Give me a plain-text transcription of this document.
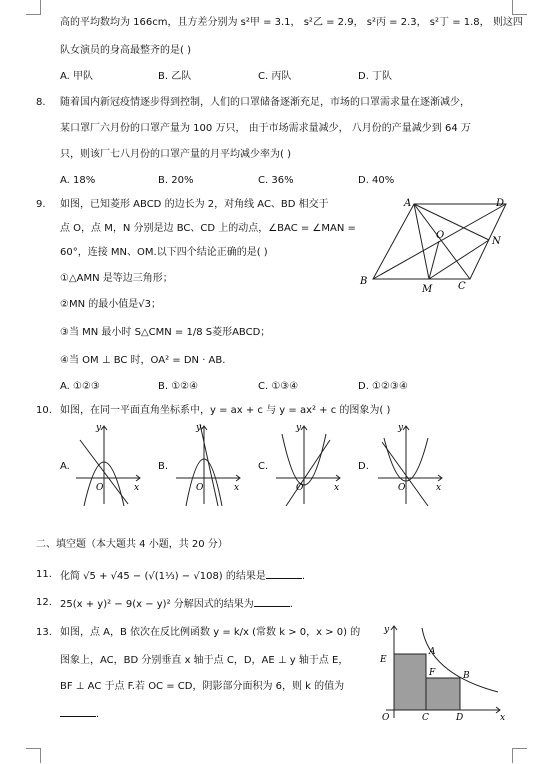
高的平均数均为 166cm，且方差分别为 s²甲 = 3.1， s²乙 = 2.9， s²丙 = 2.3， s²丁 = 1.8， 则这四
队女演员的身高最整齐的是( )
A. 甲队	B. 乙队	C. 丙队	D. 丁队
8. 随着国内新冠疫情逐步得到控制，人们的口罩储备逐渐充足，市场的口罩需求量在逐渐减少，
某口罩厂六月份的口罩产量为 100 万只， 由于市场需求量减少， 八月份的产量减少到 64 万
只，则该厂七八月份的口罩产量的月平均减少率为( )
A. 18%	B. 20%	C. 36%	D. 40%
9. 如图，已知菱形 ABCD 的边长为 2，对角线 AC、BD 相交于
点 O，点 M，N 分别是边 BC、CD 上的动点，∠BAC = ∠MAN =
60°，连接 MN、OM.以下四个结论正确的是( )
①△AMN 是等边三角形；
②MN 的最小值是√3；
③当 MN 最小时 S△CMN = 1/8 S菱形ABCD；
④当 OM ⊥ BC 时，OA² = DN · AB.
A. ①②③	B. ①②④	C. ①③④	D. ①②③④
A	D
B	C
M
N
O
10. 如图，在同一平面直角坐标系中，y = ax + c 与 y = ax² + c 的图象为( )
A.	B.	C.	D.
y
x
O
y
x
O
y
x
O
y
x
O
二、填空题（本大题共 4 小题，共 20 分）
11. 化简 √5 + √45 − (√(1⅓) − √108) 的结果是	.
12. 25(x + y)² − 9(x − y)² 分解因式的结果为	.
13. 如图，点 A，B 依次在反比例函数 y = k/x (常数 k > 0，x > 0) 的
图象上，AC，BD 分别垂直 x 轴于点 C，D，AE ⊥ y 轴于点 E，
BF ⊥ AC 于点 F.若 OC = CD，阴影部分面积为 6，则 k 的值为
.
y
x
O
E
A
F	B
C	D
